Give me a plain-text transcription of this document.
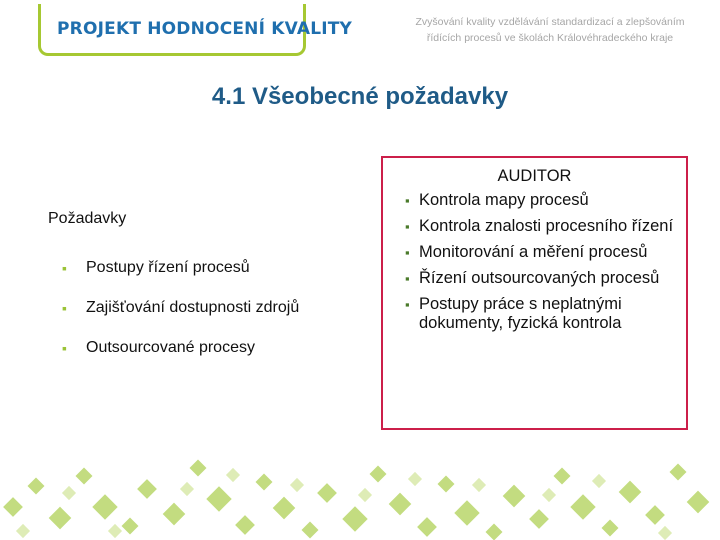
PROJEKT HODNOCENÍ KVALITY	Zvyšování kvality vzdělávání standardizací a zlepšováním
řídících procesů ve školách Královéhradeckého kraje
4.1 Všeobecné požadavky
Požadavky
▪ Postupy řízení procesů
▪ Zajišťování dostupnosti zdrojů
▪ Outsourcované procesy
AUDITOR
▪ Kontrola mapy procesů
▪ Kontrola znalosti procesního řízení
▪ Monitorování a měření procesů
▪ Řízení outsourcovaných procesů
▪ Postupy práce s neplatnými dokumenty, fyzická kontrola
